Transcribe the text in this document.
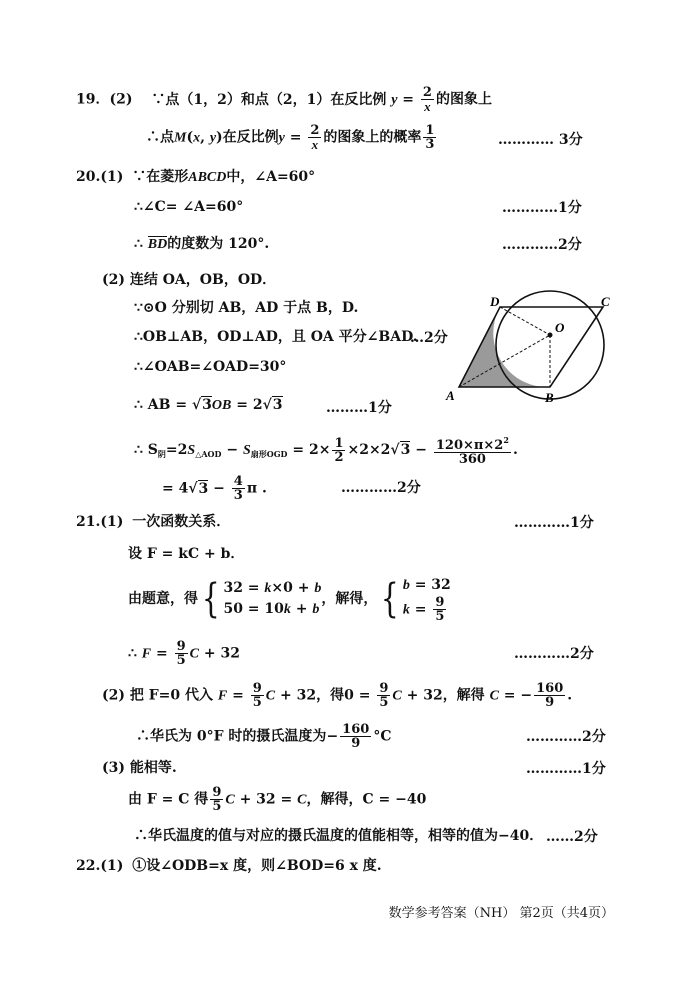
19．(2) ∵点（1，2）和点（2，1）在反比例 $y = \frac{2}{x}$ 的图象上
∴点M(x, y)在反比例$y = \frac{2}{x}$ 的图象上的概率 $\frac{1}{3}$	………… 3分
20.(1) ∵在菱形ABCD中，∠A=60°
∴∠C= ∠A=60°	…………1分
∴ BD的度数为 120°.	…………2分
(2) 连结 OA，OB，OD．
∵⊙O 分别切 AB，AD 于点 B，D.
∴OB⊥AB，OD⊥AD，且 OA 平分∠BAD.
…2分
∴∠OAB=∠OAD=30°
∴ AB = √3OB = 2√3	………1分
∴ $S_阴=2S_{\triangle AOD} - S_{扇形OGD} = 2\times \frac{1}{2} \times 2\times 2√3 - \frac{120\times\pi\times 2^2}{360}$ .
= $4√3 - \frac{4}{3}$ π .	…………2分
D	C
O
A	B
21.(1) 一次函数关系．	…………1分
设 F = kC + b．
由题意，得{ 32 = k×0 + b
50 = 10k + b
，解得，{ b = 32
$k = \frac{9}{5}$
∴ $F = \frac{9}{5}$ C + 32	…………2分
(2) 把 F=0 代入 $F = \frac{9}{5}$ C + 32，得$0 = \frac{9}{5}$ C + 32，解得 C = − $\frac{160}{9}$ .
∴华氏为 0°F 时的摄氏温度为− $\frac{160}{9} ^\circ C$	…………2分
(3) 能相等.	…………1分
由 F = C 得 $\frac{9}{5}$ C + 32 = C，解得，C = −40
∴华氏温度的值与对应的摄氏温度的值能相等，相等的值为−40． ……2分
22.(1) ①设∠ODB=x 度，则∠BOD=6 x 度.
数学参考答案（NH） 第2页（共4页）
